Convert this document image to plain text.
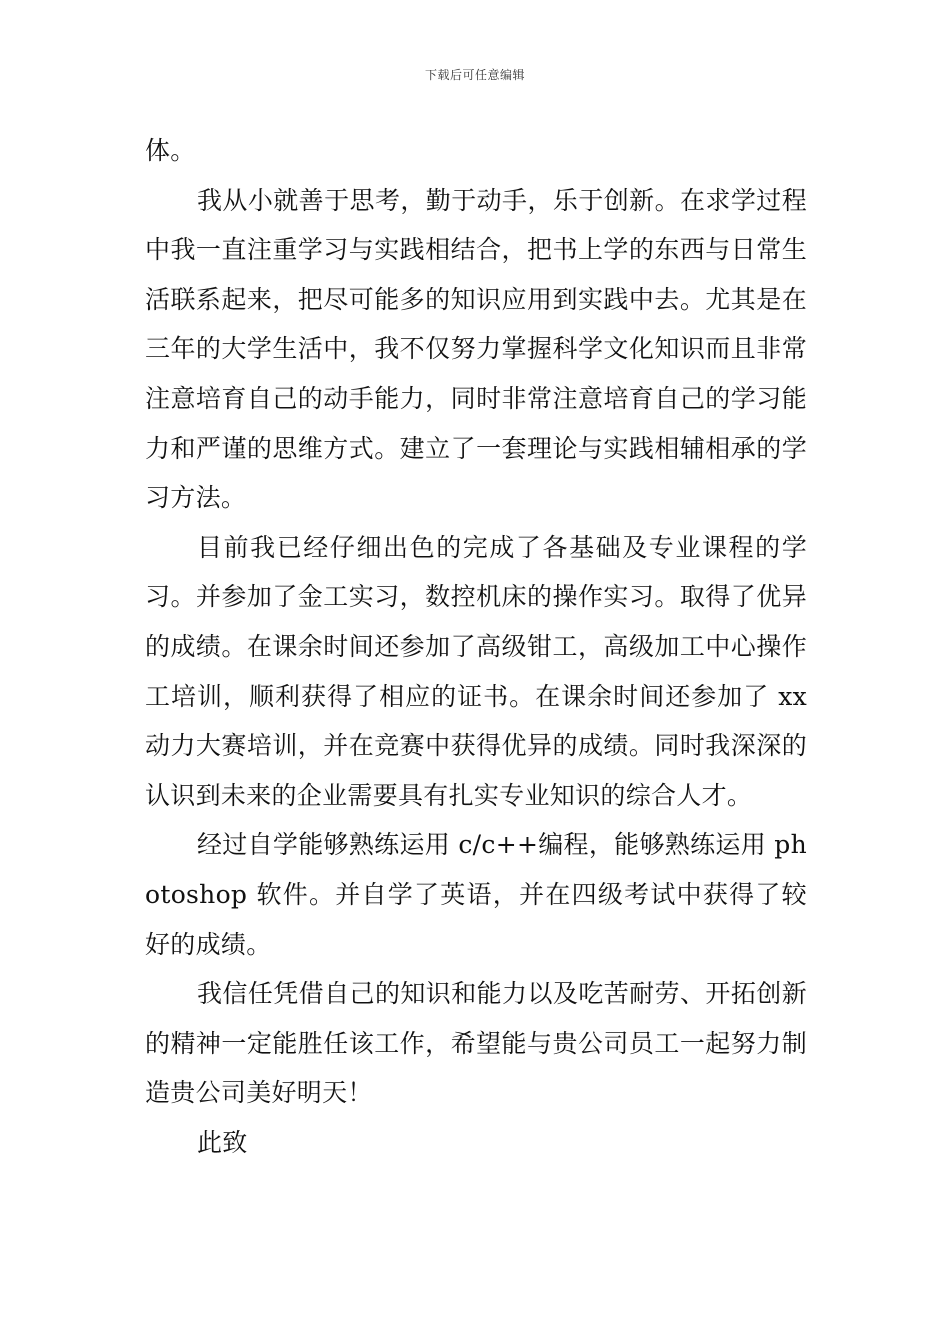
下载后可任意编辑

体。

我从小就善于思考，勤于动手，乐于创新。在求学过程中我一直注重学习与实践相结合，把书上学的东西与日常生活联系起来，把尽可能多的知识应用到实践中去。尤其是在三年的大学生活中，我不仅努力掌握科学文化知识而且非常注意培育自己的动手能力，同时非常注意培育自己的学习能力和严谨的思维方式。建立了一套理论与实践相辅相承的学习方法。

目前我已经仔细出色的完成了各基础及专业课程的学习。并参加了金工实习，数控机床的操作实习。取得了优异的成绩。在课余时间还参加了高级钳工，高级加工中心操作工培训，顺利获得了相应的证书。在课余时间还参加了 xx 动力大赛培训，并在竞赛中获得优异的成绩。同时我深深的认识到未来的企业需要具有扎实专业知识的综合人才。

经过自学能够熟练运用 c/c++编程，能够熟练运用 photoshop 软件。并自学了英语，并在四级考试中获得了较好的成绩。

我信任凭借自己的知识和能力以及吃苦耐劳、开拓创新的精神一定能胜任该工作，希望能与贵公司员工一起努力制造贵公司美好明天！

此致
